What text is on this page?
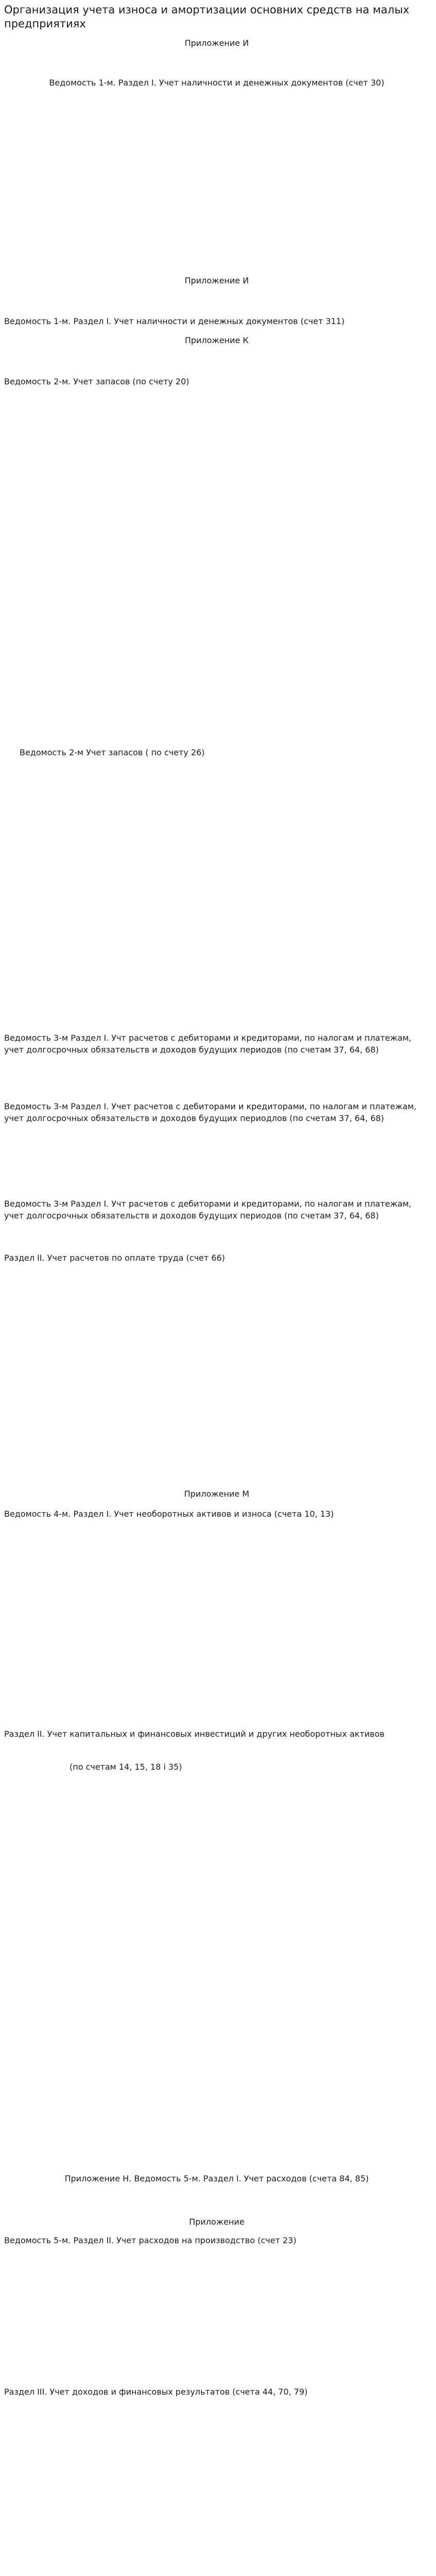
Организация учета износа и амортизации основних средств на малых предприятиях
Приложение И
Ведомость 1-м. Раздел I. Учет наличности и денежных документов (счет 30)
Приложение И
Ведомость 1-м. Раздел I. Учет наличности и денежных документов (счет 311)
Приложение К
Ведомость 2-м. Учет запасов (по счету 20)
Ведомость 2-м Учет запасов ( по счету 26)
Ведомость 3-м Раздел I. Учт расчетов с дебиторами и кредиторами, по налогам и платежам, учет долгосрочных обязательств и доходов будущих периодов (по счетам 37, 64, 68)
Ведомость 3-м Раздел I. Учет расчетов с дебиторами и кредиторами, по налогам и платежам, учет долгосрочных обязательств и доходов будущих периодлов (по счетам 37, 64, 68)
Ведомость 3-м Раздел I. Учт расчетов с дебиторами и кредиторами, по налогам и платежам, учет долгосрочных обязательств и доходов будущих периодов (по счетам 37, 64, 68)
Раздел II. Учет расчетов по оплате труда (счет 66)
Приложение М
Ведомость 4-м. Раздел I. Учет необоротных активов и износа (счета 10, 13)
Раздел II. Учет капитальных и финансовых инвестиций и других необоротных активов
(по счетам 14, 15, 18 і 35)
Приложение Н. Ведомость 5-м. Раздел I. Учет расходов (счета 84, 85)
Приложение
Ведомость 5-м. Раздел II. Учет расходов на производство (счет 23)
Раздел III. Учет доходов и финансовых результатов (счета 44, 70, 79)
